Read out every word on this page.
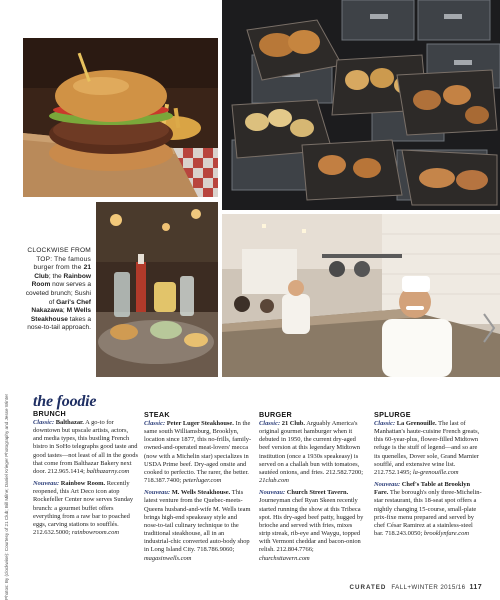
CLOCKWISE FROM TOP: The famous burger from the 21 Club; the Rainbow Room now serves a coveted brunch; Sushi of Gari's Chef Nakazawa; M Wells Steakhouse takes a nose-to-tail approach.
Photos: By (clockwise): Courtesy of 21 Club; Bill Milne; Daniel Krieger Photography and Jesse Winter the foodie
BRUNCH

Classic: Balthazar. A go-to for downtown but upscale artists, actors, and media types, this bustling French bistro in SoHo telegraphs good taste and good tastes—not least of all in the goods that come from Balthazar Bakery next door. 212.965.1414; balthazarny.com

Nouveau: Rainbow Room. Recently reopened, this Art Deco icon atop Rockefeller Center now serves Sunday brunch: a gourmet buffet offers everything from a raw bar to poached eggs, carving stations to soufflés. 212.632.5000; rainbowroom.com

STEAK

Classic: Peter Luger Steakhouse. In the same south Williamsburg, Brooklyn, location since 1877, this no-frills, family-owned-and-operated meat-lovers' mecca (now with a Michelin star) specializes in USDA Prime beef. Dry-aged onsite and cooked to perfectio. The rarer, the better. 718.387.7400; peterluger.com

Nouveau: M. Wells Steakhouse. This latest venture from the Quebec-meets-Queens husband-and-wife M. Wells team brings high-end speakeasy style and nose-to-tail culinary technique to the traditional steakhouse, all in an industrial-chic converted auto-body shop in Long Island City. 718.786.9060; magasinwells.com

BURGER

Classic: 21 Club. Arguably America's original gourmet hamburger when it debuted in 1950, the current dry-aged beef version at this legendary Midtown institution (once a 1930s speakeasy) is served on a challah bun with tomatoes, sautéed onions, and fries. 212.582.7200; 21club.com

Nouveau: Church Street Tavern. Journeyman chef Ryan Skeen recently started running the show at this Tribeca spot. His dry-aged beef patty, hugged by brioche and served with fries, mixes strip streak, rib-eye and Waygu, topped with Vermont cheddar and bacon-onion relish. 212.804.7766; churchsttavern.com

SPLURGE

Classic: La Grenouille. The last of Manhattan's haute-cuisine French greats, this 60-year-plus, flower-filled Midtown refuge is the stuff of legend—and so are its quenelles, Dover sole, Grand Marnier soufflé, and extensive wine list. 212.752.1495; la-grenouille.com

Nouveau: Chef's Table at Brooklyn Fare. The borough's only three-Michelin-star restaurant, this 18-seat spot offers a nightly changing 15-course, small-plate prix-fixe menu prepared and served by chef César Ramirez at a stainless-steel bar. 718.243.0050; brooklynfare.com

CURATED FALL+WINTER 2015/16 117
